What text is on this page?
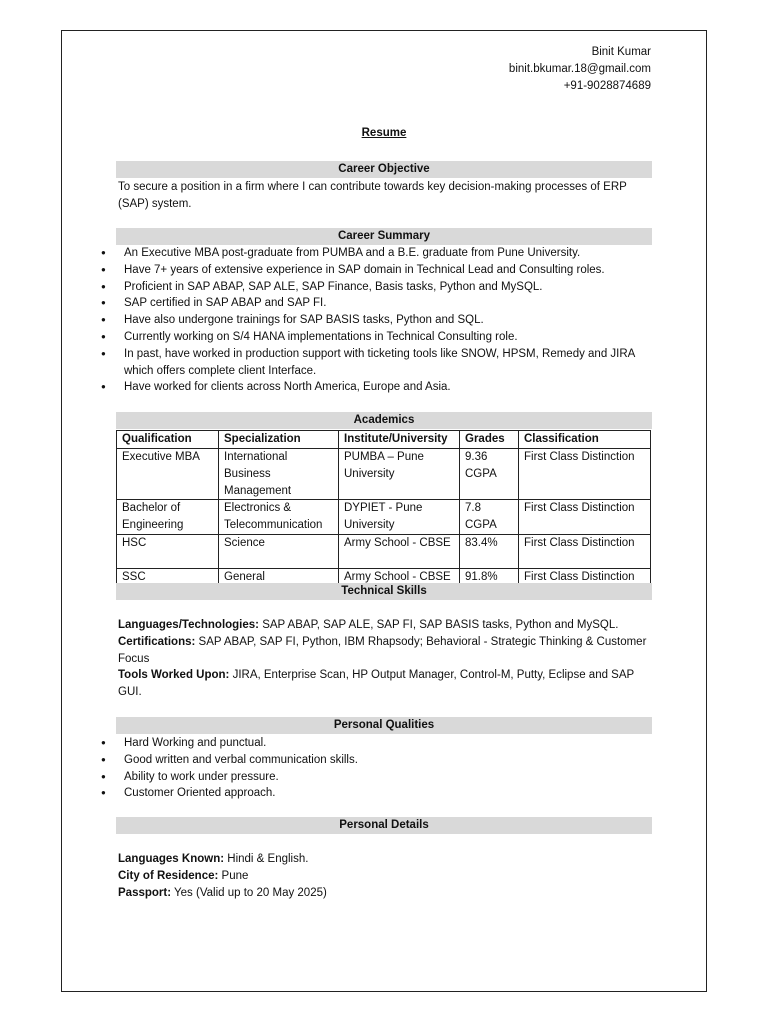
Binit Kumar
binit.bkumar.18@gmail.com
+91-9028874689
Resume
Career Objective
To secure a position in a firm where I can contribute towards key decision-making processes of ERP (SAP) system.
Career Summary
● An Executive MBA post-graduate from PUMBA and a B.E. graduate from Pune University.
● Have 7+ years of extensive experience in SAP domain in Technical Lead and Consulting roles.
● Proficient in SAP ABAP, SAP ALE, SAP Finance, Basis tasks, Python and MySQL.
● SAP certified in SAP ABAP and SAP FI.
● Have also undergone trainings for SAP BASIS tasks, Python and SQL.
● Currently working on S/4 HANA implementations in Technical Consulting role.
● In past, have worked in production support with ticketing tools like SNOW, HPSM, Remedy and JIRA which offers complete client Interface.
● Have worked for clients across North America, Europe and Asia.
Academics
Qualification	Specialization	Institute/University	Grades	Classification
Executive MBA	International Business Management	PUMBA – Pune University	9.36 CGPA	First Class Distinction
Bachelor of Engineering	Electronics & Telecommunication	DYPIET - Pune University	7.8 CGPA	First Class Distinction
HSC	Science	Army School - CBSE	83.4%	First Class Distinction
SSC	General	Army School - CBSE	91.8%	First Class Distinction
Technical Skills
Languages/Technologies: SAP ABAP, SAP ALE, SAP FI, SAP BASIS tasks, Python and MySQL.
Certifications: SAP ABAP, SAP FI, Python, IBM Rhapsody; Behavioral - Strategic Thinking & Customer Focus
Tools Worked Upon: JIRA, Enterprise Scan, HP Output Manager, Control-M, Putty, Eclipse and SAP GUI.
Personal Qualities
● Hard Working and punctual.
● Good written and verbal communication skills.
● Ability to work under pressure.
● Customer Oriented approach.
Personal Details
Languages Known: Hindi & English.
City of Residence: Pune
Passport: Yes (Valid up to 20 May 2025)
